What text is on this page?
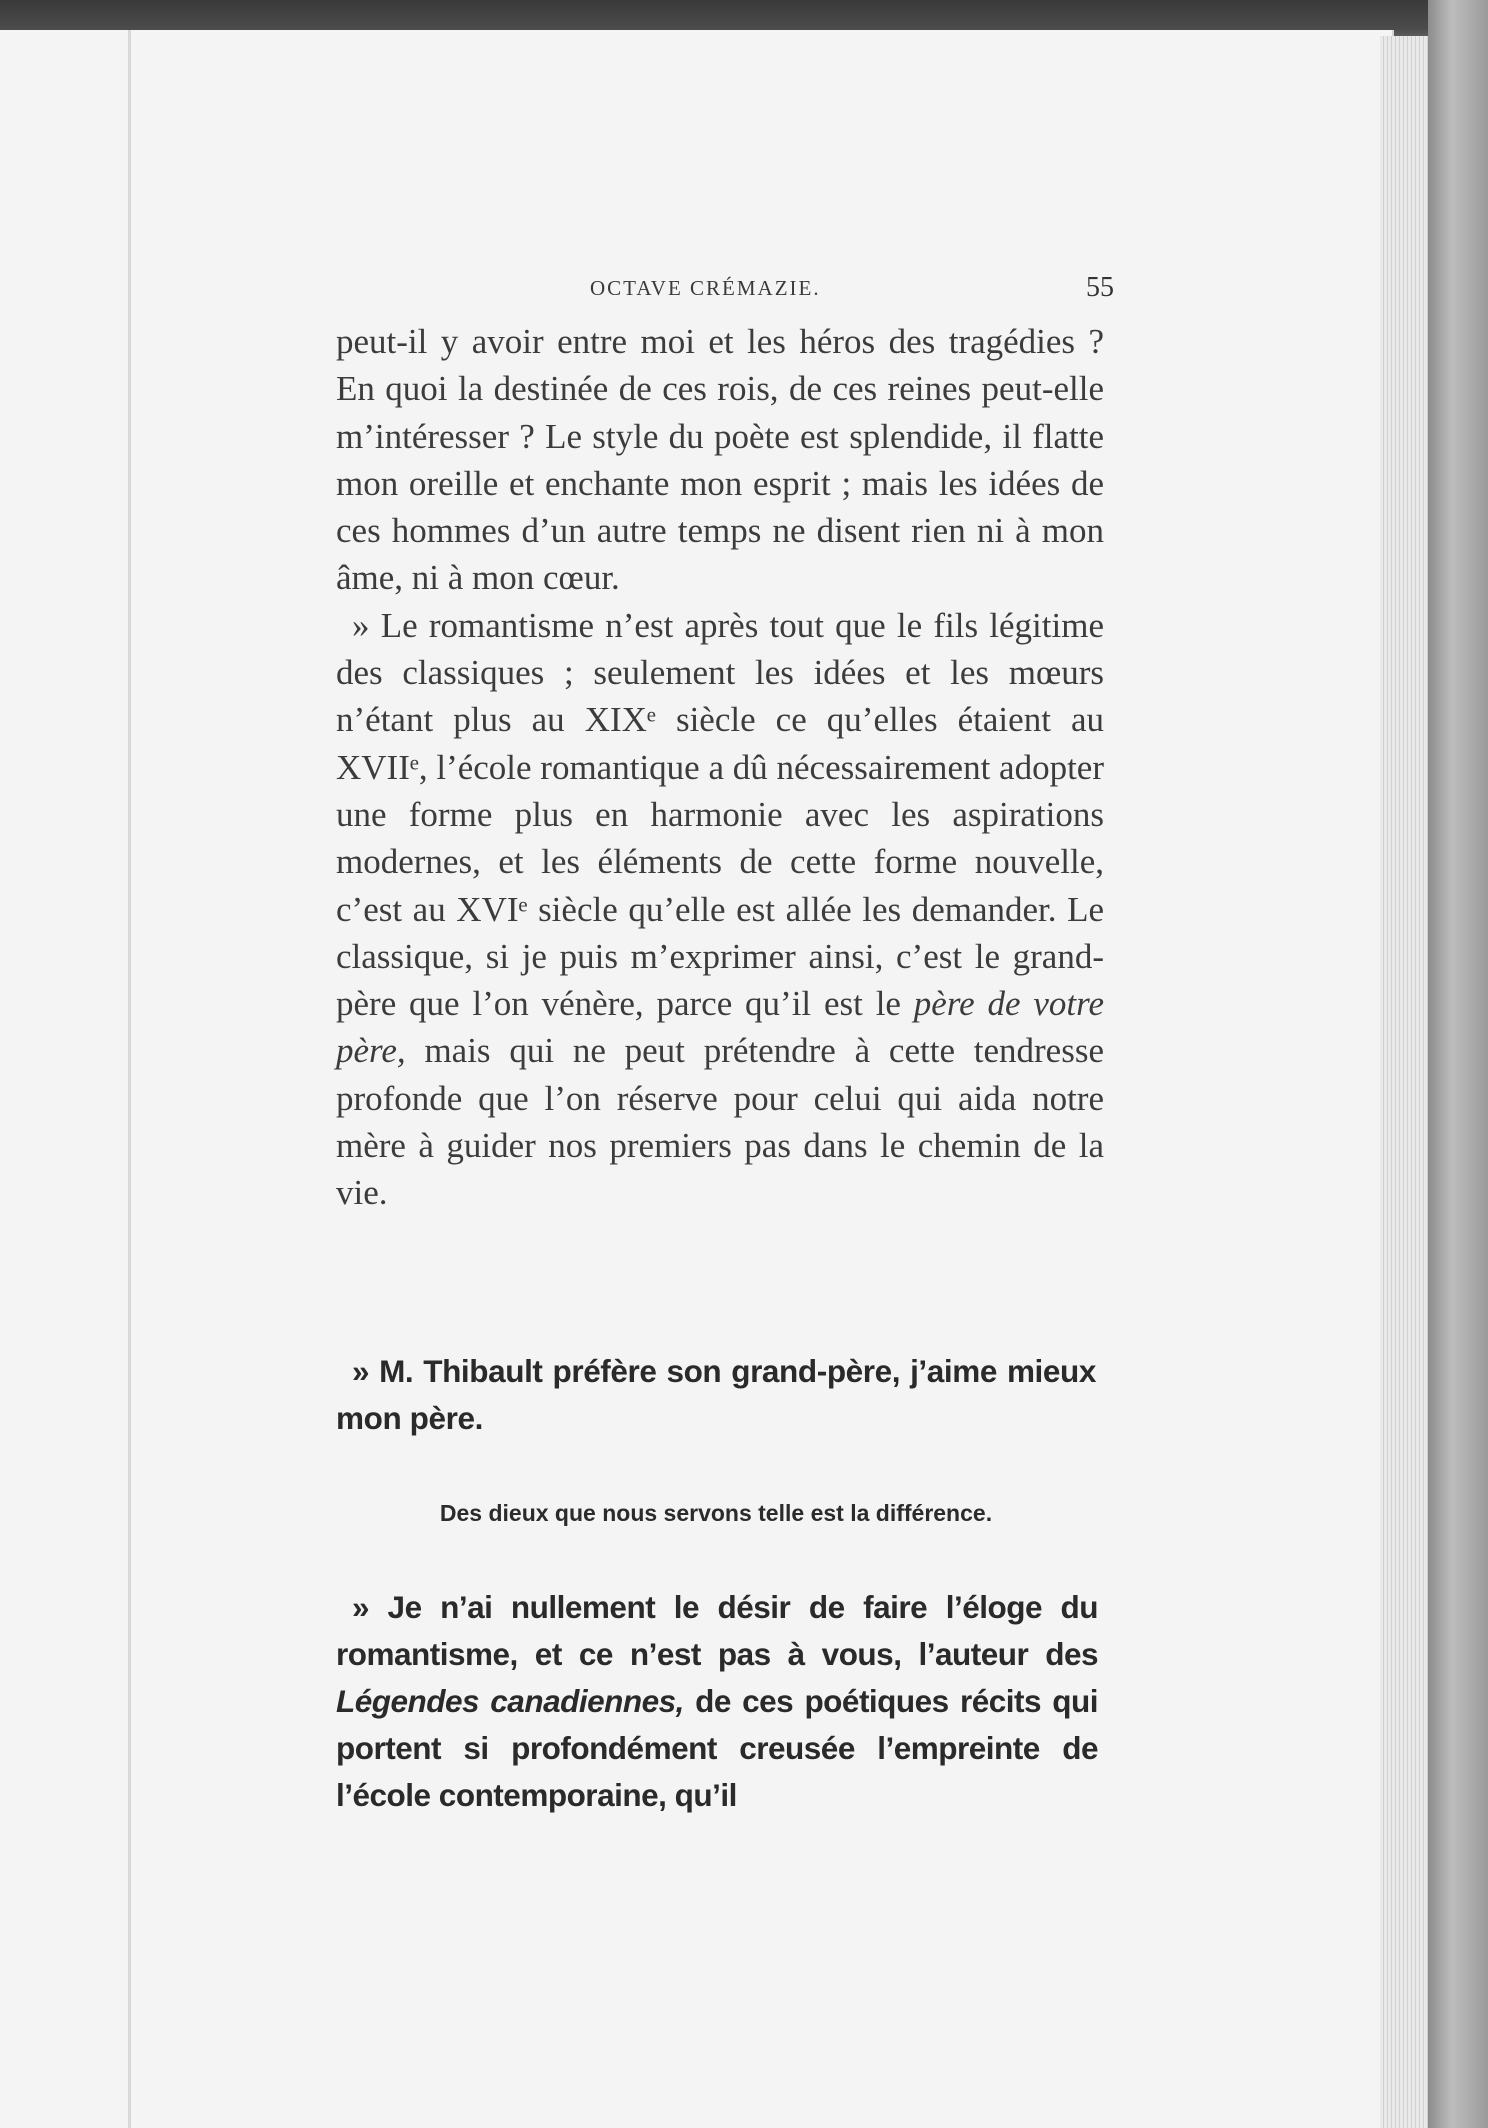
OCTAVE CRÉMAZIE.	55

peut-il y avoir entre moi et les héros des tragédies ? En quoi la destinée de ces rois, de ces reines peut-elle m’intéresser ? Le style du poète est splendide, il flatte mon oreille et enchante mon esprit ; mais les idées de ces hommes d’un autre temps ne disent rien ni à mon âme, ni à mon cœur.

» Le romantisme n’est après tout que le fils légitime des classiques ; seulement les idées et les mœurs n’étant plus au XIXᵉ siècle ce qu’elles étaient au XVIIᵉ, l’école romantique a dû nécessairement adopter une forme plus en harmonie avec les aspirations modernes, et les éléments de cette forme nouvelle, c’est au XVIᵉ siècle qu’elle est allée les demander. Le classique, si je puis m’exprimer ainsi, c’est le grand-père que l’on vénère, parce qu’il est le père de votre père, mais qui ne peut prétendre à cette tendresse profonde que l’on réserve pour celui qui aida notre mère à guider nos premiers pas dans le chemin de la vie.

» M. Thibault préfère son grand-père, j’aime mieux mon père.

Des dieux que nous servons telle est la différence.

» Je n’ai nullement le désir de faire l’éloge du romantisme, et ce n’est pas à vous, l’auteur des Légendes canadiennes, de ces poétiques récits qui portent si profondément creusée l’empreinte de l’école contemporaine, qu’il
